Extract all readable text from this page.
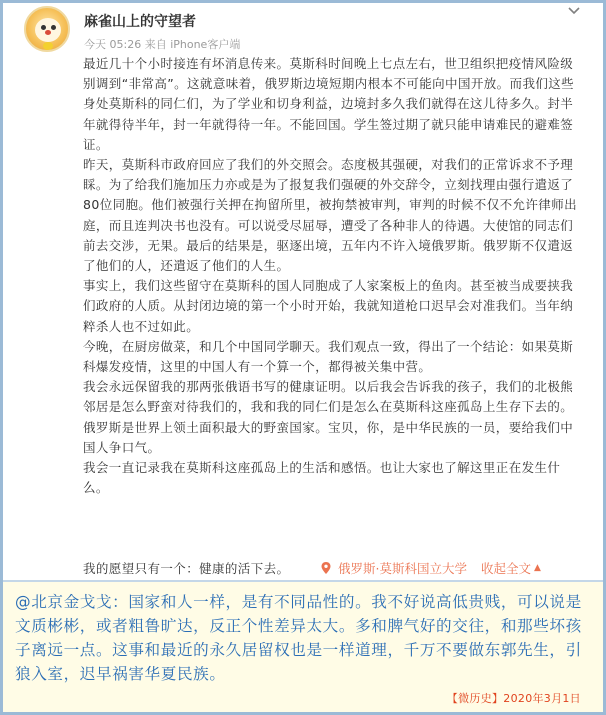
麻雀山上的守望者
今天 05:26 来自 iPhone客户端

最近几十个小时接连有坏消息传来。莫斯科时间晚上七点左右，世卫组织把疫情风险级别调到“非常高”。这就意味着，俄罗斯边境短期内根本不可能向中国开放。而我们这些身处莫斯科的同仁们，为了学业和切身利益，边境封多久我们就得在这儿待多久。封半年就得待半年，封一年就得待一年。不能回国。学生签过期了就只能申请难民的避难签证。

昨天，莫斯科市政府回应了我们的外交照会。态度极其强硬，对我们的正常诉求不予理睬。为了给我们施加压力亦或是为了报复我们强硬的外交辞令，立刻找理由强行遣返了80位同胞。他们被强行关押在拘留所里，被拘禁被审判，审判的时候不仅不允许律师出庭，而且连判决书也没有。可以说受尽屈辱，遭受了各种非人的待遇。大使馆的同志们前去交涉，无果。最后的结果是，驱逐出境，五年内不许入境俄罗斯。俄罗斯不仅遣返了他们的人，还遣返了他们的人生。

事实上，我们这些留守在莫斯科的国人同胞成了人家案板上的鱼肉。甚至被当成要挟我们政府的人质。从封闭边境的第一个小时开始，我就知道枪口迟早会对准我们。当年纳粹杀人也不过如此。

今晚，在厨房做菜，和几个中国同学聊天。我们观点一致，得出了一个结论：如果莫斯科爆发疫情，这里的中国人有一个算一个，都得被关集中营。

我会永远保留我的那两张俄语书写的健康证明。以后我会告诉我的孩子，我们的北极熊邻居是怎么野蛮对待我们的，我和我的同仁们是怎么在莫斯科这座孤岛上生存下去的。俄罗斯是世界上领土面积最大的野蛮国家。宝贝，你，是中华民族的一员，要给我们中国人争口气。

我会一直记录我在莫斯科这座孤岛上的生活和感悟。也让大家也了解这里正在发生什么。

我的愿望只有一个：健康的活下去。	俄罗斯·莫斯科国立大学 收起全文 ▲
@北京金戈戈：国家和人一样，是有不同品性的。我不好说高低贵贱，可以说是文质彬彬，或者粗鲁旷达，反正个性差异太大。多和脾气好的交往，和那些坏孩子离远一点。这事和最近的永久居留权也是一样道理，千万不要做东郭先生，引狼入室，迟早祸害华夏民族。
【微历史】2020年3月1日
